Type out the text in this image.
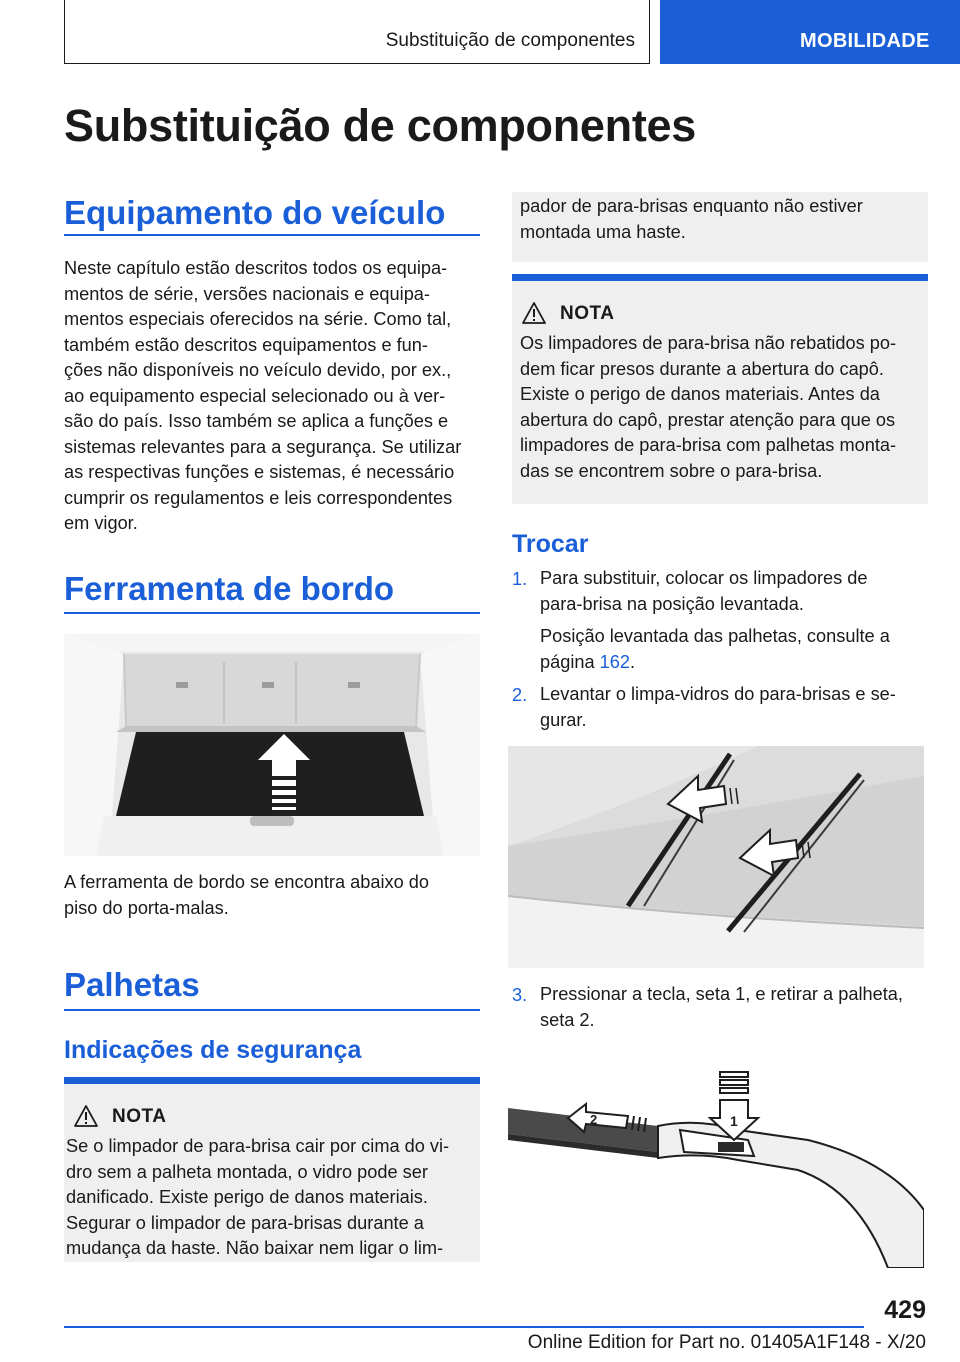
Substituição de componentes	MOBILIDADE
Substituição de componentes
Equipamento do veículo
Neste capítulo estão descritos todos os equipa‐
mentos de série, versões nacionais e equipa‐
mentos especiais oferecidos na série. Como tal,
também estão descritos equipamentos e fun‐
ções não disponíveis no veículo devido, por ex.,
ao equipamento especial selecionado ou à ver‐
são do país. Isso também se aplica a funções e
sistemas relevantes para a segurança. Se utilizar
as respectivas funções e sistemas, é necessário
cumprir os regulamentos e leis correspondentes
em vigor.
Ferramenta de bordo
A ferramenta de bordo se encontra abaixo do
piso do porta-malas.
Palhetas
Indicações de segurança
NOTA
Se o limpador de para-brisa cair por cima do vi‐
dro sem a palheta montada, o vidro pode ser
danificado. Existe perigo de danos materiais.
Segurar o limpador de para-brisas durante a
mudança da haste. Não baixar nem ligar o lim‐
pador de para-brisas enquanto não estiver
montada uma haste.
NOTA
Os limpadores de para-brisa não rebatidos po‐
dem ficar presos durante a abertura do capô.
Existe o perigo de danos materiais. Antes da
abertura do capô, prestar atenção para que os
limpadores de para-brisa com palhetas monta‐
das se encontrem sobre o para-brisa.
Trocar
1. Para substituir, colocar os limpadores de
para-brisa na posição levantada.
Posição levantada das palhetas, consulte a
página 162.
2. Levantar o limpa-vidros do para-brisas e se‐
gurar.
3. Pressionar a tecla, seta 1, e retirar a palheta,
seta 2.
2	1
429
Online Edition for Part no. 01405A1F148 - X/20
